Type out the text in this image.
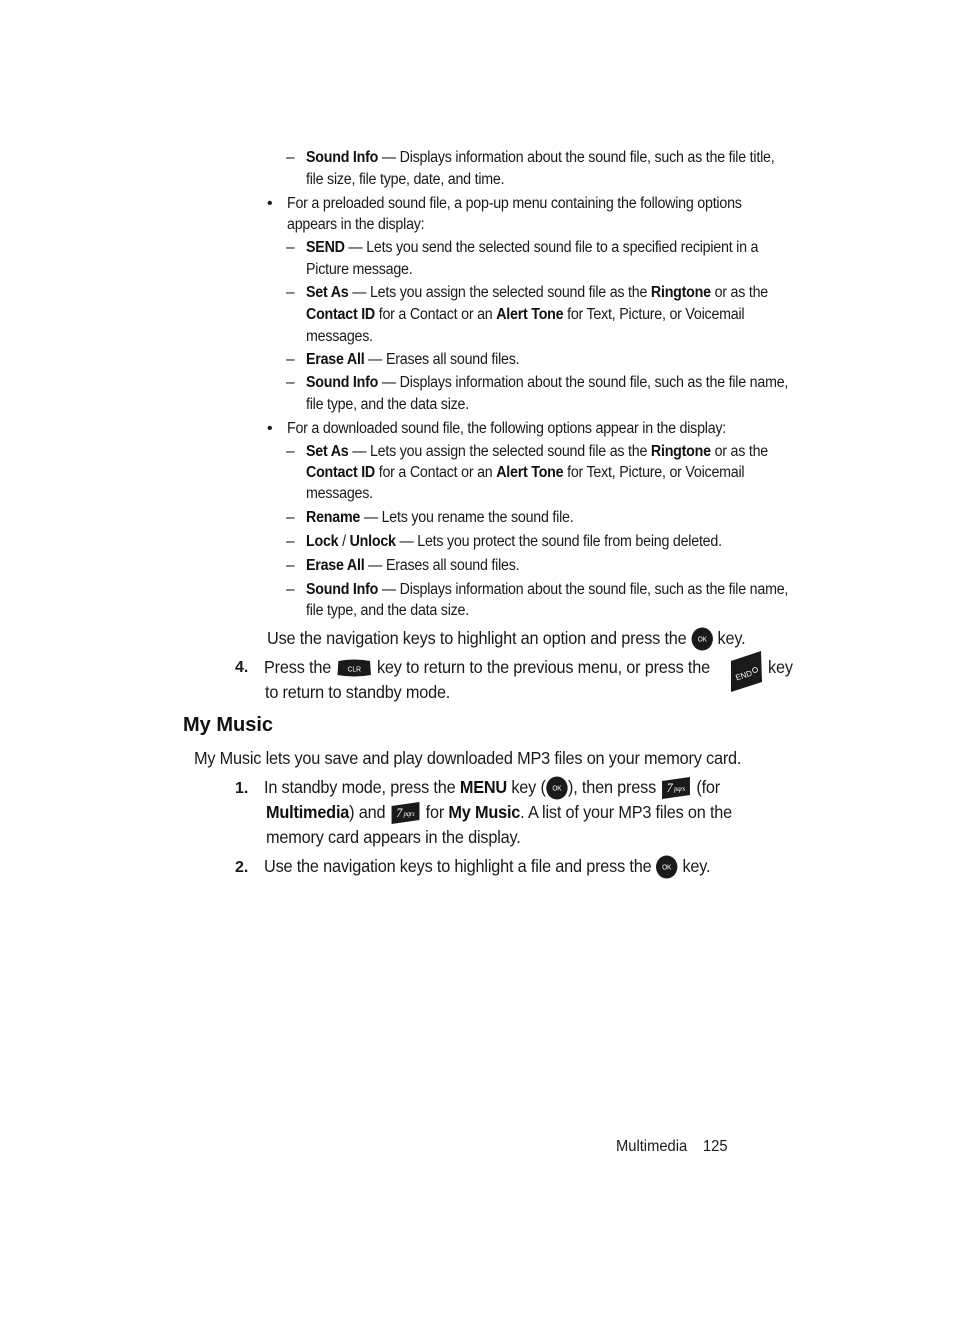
– Sound Info — Displays information about the sound file, such as the file title,
file size, file type, date, and time.
• For a preloaded sound file, a pop-up menu containing the following options
appears in the display:
– SEND — Lets you send the selected sound file to a specified recipient in a
Picture message.
– Set As — Lets you assign the selected sound file as the Ringtone or as the
Contact ID for a Contact or an Alert Tone for Text, Picture, or Voicemail
messages.
– Erase All — Erases all sound files.
– Sound Info — Displays information about the sound file, such as the file name,
file type, and the data size.
• For a downloaded sound file, the following options appear in the display:
– Set As — Lets you assign the selected sound file as the Ringtone or as the
Contact ID for a Contact or an Alert Tone for Text, Picture, or Voicemail
messages.
– Rename — Lets you rename the sound file.
– Lock / Unlock — Lets you protect the sound file from being deleted.
– Erase All — Erases all sound files.
– Sound Info — Displays information about the sound file, such as the file name,
file type, and the data size.
Use the navigation keys to highlight an option and press the OK key.
4. Press the CLR key to return to the previous menu, or press the	END key
to return to standby mode.
My Music
My Music lets you save and play downloaded MP3 files on your memory card.
1. In standby mode, press the MENU key ( OK ), then press 7 pqrs (for
Multimedia) and 7 pqrs for My Music. A list of your MP3 files on the
memory card appears in the display.
2. Use the navigation keys to highlight a file and press the OK key.
Multimedia 125
